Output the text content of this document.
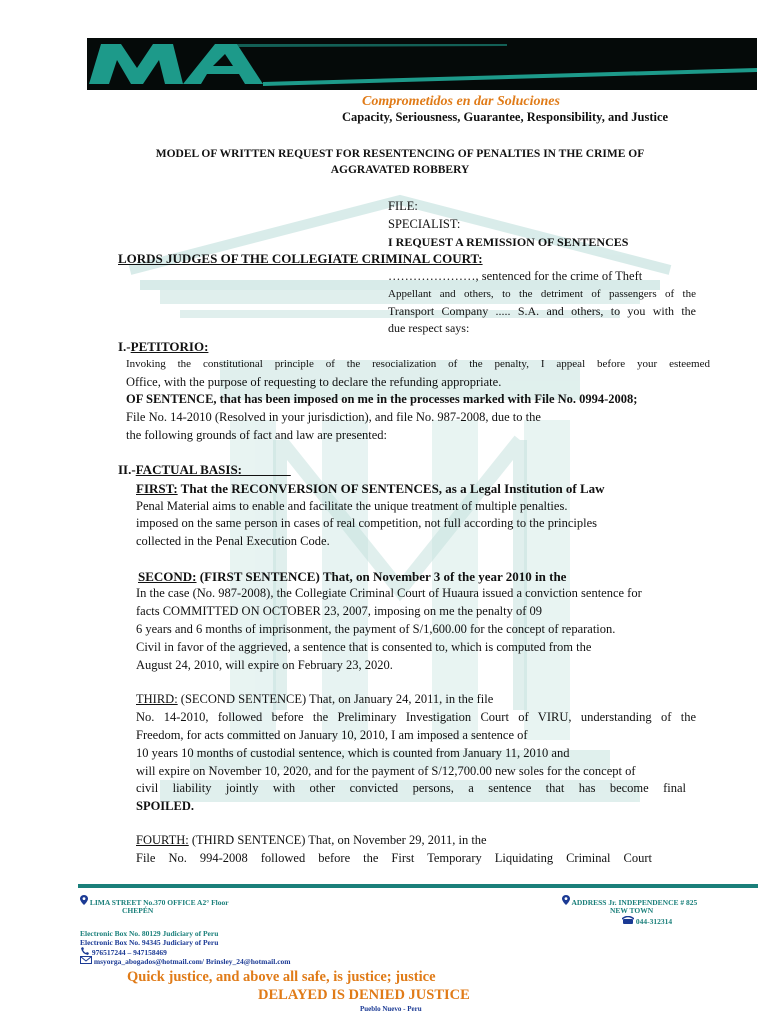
Comprometidos en dar Soluciones
Capacity, Seriousness, Guarantee, Responsibility, and Justice
MODEL OF WRITTEN REQUEST FOR RESENTENCING OF PENALTIES IN THE CRIME OF
AGGRAVATED ROBBERY
FILE:
SPECIALIST:
I REQUEST A REMISSION OF SENTENCES
LORDS JUDGES OF THE COLLEGIATE CRIMINAL COURT:
…………………, sentenced for the crime of Theft
Appellant and others, to the detriment of passengers of the
Transport Company ..... S.A. and others, to you with the
due respect says:
I.-PETITORIO:
Invoking the constitutional principle of the resocialization of the penalty, I appeal before your esteemed
Office, with the purpose of requesting to declare the refunding appropriate.
OF SENTENCE, that has been imposed on me in the processes marked with File No. 0994-2008;
File No. 14-2010 (Resolved in your jurisdiction), and file No. 987-2008, due to the
the following grounds of fact and law are presented:
II.-FACTUAL BASIS:
FIRST: That the RECONVERSION OF SENTENCES, as a Legal Institution of Law
Penal Material aims to enable and facilitate the unique treatment of multiple penalties.
imposed on the same person in cases of real competition, not full according to the principles
collected in the Penal Execution Code.
SECOND: (FIRST SENTENCE) That, on November 3 of the year 2010 in the
In the case (No. 987-2008), the Collegiate Criminal Court of Huaura issued a conviction sentence for
facts COMMITTED ON OCTOBER 23, 2007, imposing on me the penalty of 09
6 years and 6 months of imprisonment, the payment of S/1,600.00 for the concept of reparation.
Civil in favor of the aggrieved, a sentence that is consented to, which is computed from the
August 24, 2010, will expire on February 23, 2020.
THIRD: (SECOND SENTENCE) That, on January 24, 2011, in the file
No. 14-2010, followed before the Preliminary Investigation Court of VIRU, understanding of the
Freedom, for acts committed on January 10, 2010, I am imposed a sentence of
10 years 10 months of custodial sentence, which is counted from January 11, 2010 and
will expire on November 10, 2020, and for the payment of S/12,700.00 new soles for the concept of
civil liability jointly with other convicted persons, a sentence that has become final
SPOILED.
FOURTH: (THIRD SENTENCE) That, on November 29, 2011, in the
File No. 994-2008 followed before the First Temporary Liquidating Criminal Court
LIMA STREET No.370 OFFICE A2° Floor
CHEPÉN
ADDRESS Jr. INDEPENDENCE # 825
NEW TOWN
044-312314
Electronic Box No. 80129 Judiciary of Peru
Electronic Box No. 94345 Judiciary of Peru
976517244 – 947158469
msyorga_abogados@hotmail.com/ Brinsley_24@hotmail.com
Quick justice, and above all safe, is justice; justice
DELAYED IS DENIED JUSTICE
Pueblo Nuevo - Peru
